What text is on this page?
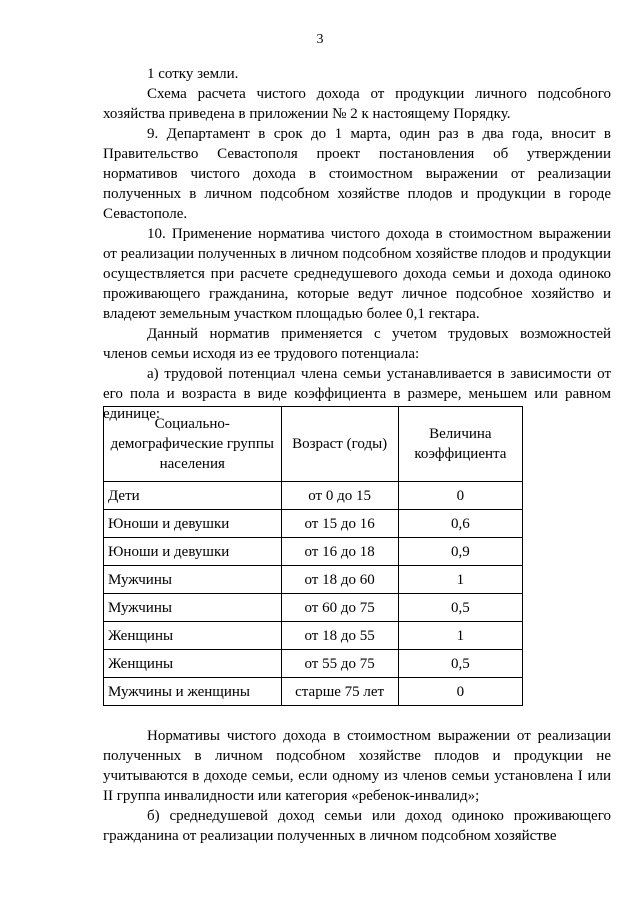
3

1 сотку земли.

Схема расчета чистого дохода от продукции личного подсобного хозяйства приведена в приложении № 2 к настоящему Порядку.

9. Департамент в срок до 1 марта, один раз в два года, вносит в Правительство Севастополя проект постановления об утверждении нормативов чистого дохода в стоимостном выражении от реализации полученных в личном подсобном хозяйстве плодов и продукции в городе Севастополе.

10. Применение норматива чистого дохода в стоимостном выражении от реализации полученных в личном подсобном хозяйстве плодов и продукции осуществляется при расчете среднедушевого дохода семьи и дохода одиноко проживающего гражданина, которые ведут личное подсобное хозяйство и владеют земельным участком площадью более 0,1 гектара.

Данный норматив применяется с учетом трудовых возможностей членов семьи исходя из ее трудового потенциала:

а) трудовой потенциал члена семьи устанавливается в зависимости от его пола и возраста в виде коэффициента в размере, меньшем или равном единице:

Социально-демографические группы населения	Возраст (годы)	Величина коэффициента
Дети	от 0 до 15	0
Юноши и девушки	от 15 до 16	0,6
Юноши и девушки	от 16 до 18	0,9
Мужчины	от 18 до 60	1
Мужчины	от 60 до 75	0,5
Женщины	от 18 до 55	1
Женщины	от 55 до 75	0,5
Мужчины и женщины	старше 75 лет	0

Нормативы чистого дохода в стоимостном выражении от реализации полученных в личном подсобном хозяйстве плодов и продукции не учитываются в доходе семьи, если одному из членов семьи установлена I или II группа инвалидности или категория «ребенок-инвалид»;

б) среднедушевой доход семьи или доход одиноко проживающего гражданина от реализации полученных в личном подсобном хозяйстве
